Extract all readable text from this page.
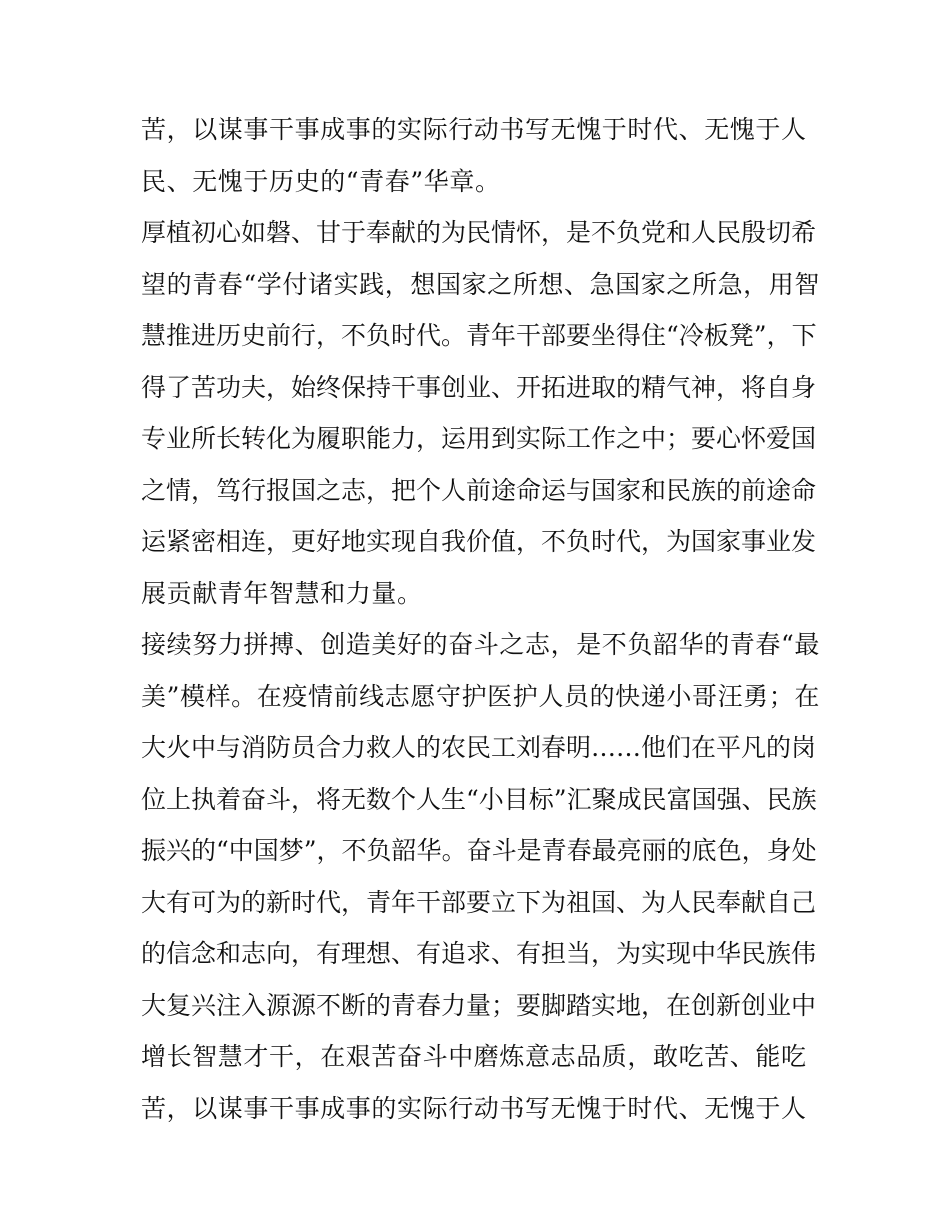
苦，以谋事干事成事的实际行动书写无愧于时代、无愧于人
民、无愧于历史的“青春”华章。
厚植初心如磐、甘于奉献的为民情怀，是不负党和人民殷切希
望的青春“学付诸实践，想国家之所想、急国家之所急，用智
慧推进历史前行，不负时代。青年干部要坐得住“冷板凳”，下
得了苦功夫，始终保持干事创业、开拓进取的精气神，将自身
专业所长转化为履职能力，运用到实际工作之中；要心怀爱国
之情，笃行报国之志，把个人前途命运与国家和民族的前途命
运紧密相连，更好地实现自我价值，不负时代，为国家事业发
展贡献青年智慧和力量。
接续努力拼搏、创造美好的奋斗之志，是不负韶华的青春“最
美”模样。在疫情前线志愿守护医护人员的快递小哥汪勇；在
大火中与消防员合力救人的农民工刘春明……他们在平凡的岗
位上执着奋斗，将无数个人生“小目标”汇聚成民富国强、民族
振兴的“中国梦”，不负韶华。奋斗是青春最亮丽的底色，身处
大有可为的新时代，青年干部要立下为祖国、为人民奉献自己
的信念和志向，有理想、有追求、有担当，为实现中华民族伟
大复兴注入源源不断的青春力量；要脚踏实地，在创新创业中
增长智慧才干，在艰苦奋斗中磨炼意志品质，敢吃苦、能吃
苦，以谋事干事成事的实际行动书写无愧于时代、无愧于人
